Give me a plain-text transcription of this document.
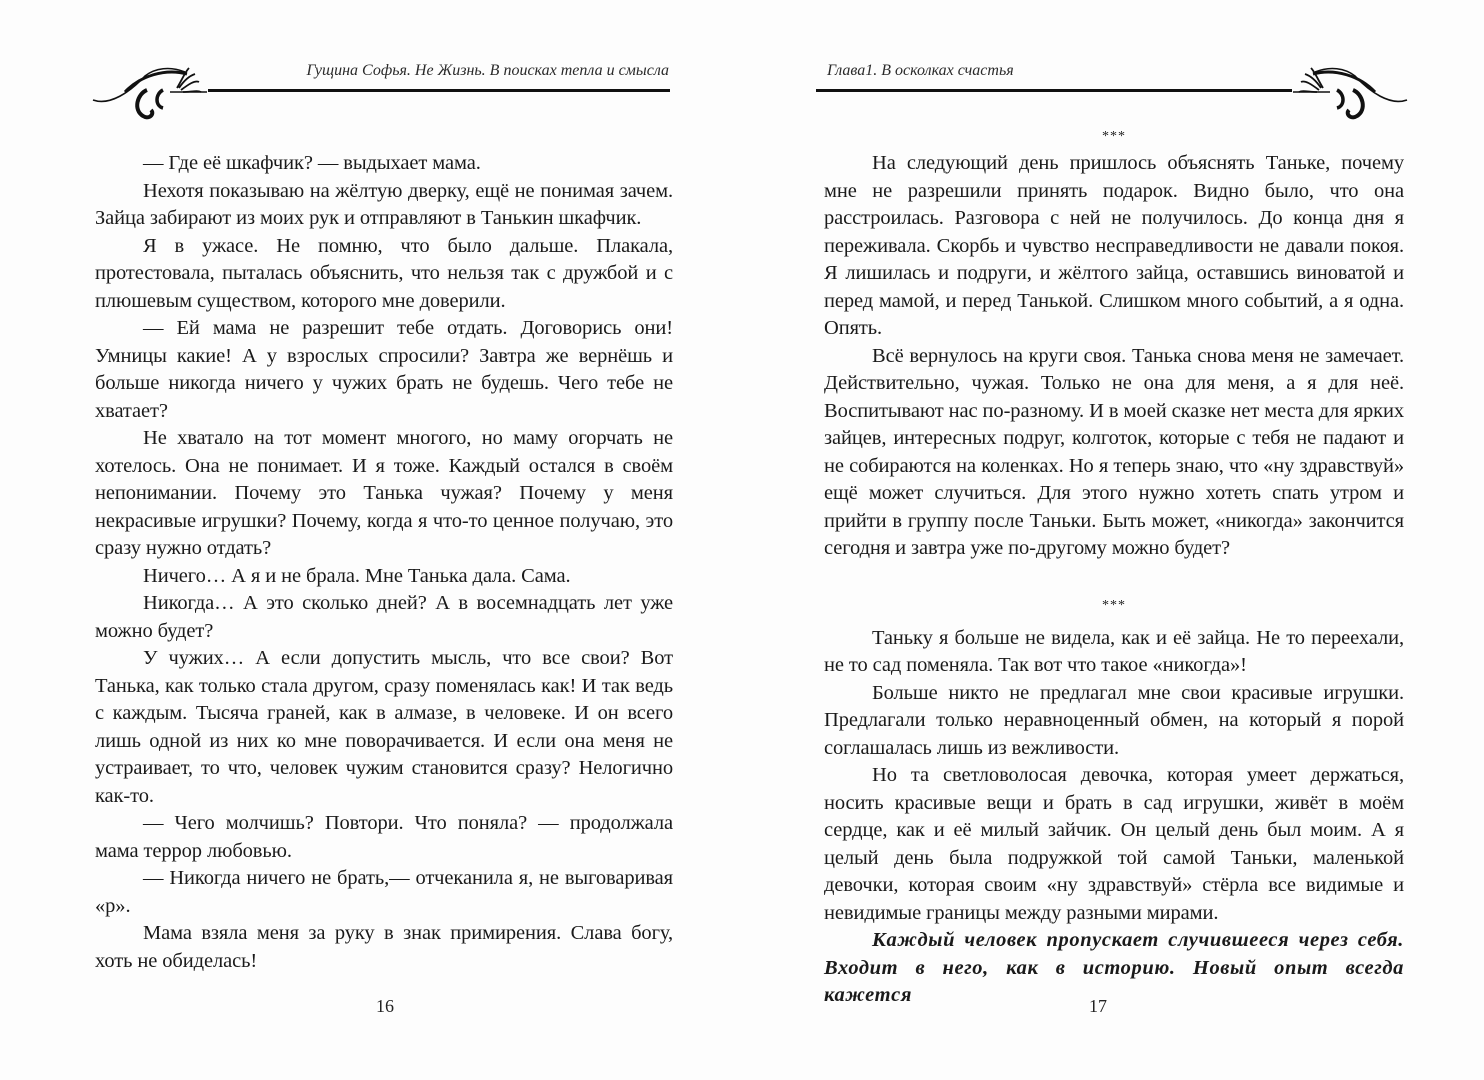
Гущина Софья. Не Жизнь. В поисках тепла и смысла

— Где её шкафчик? — выдыхает мама.

Нехотя показываю на жёлтую дверку, ещё не понимая зачем. Зайца забирают из моих рук и отправляют в Танькин шкафчик.

Я в ужасе. Не помню, что было дальше. Плакала, протестовала, пыталась объяснить, что нельзя так с дружбой и с плюшевым существом, которого мне доверили.

— Ей мама не разрешит тебе отдать. Договорись они! Умницы какие! А у взрослых спросили? Завтра же вернёшь и больше никогда ничего у чужих брать не будешь. Чего тебе не хватает?

Не хватало на тот момент многого, но маму огорчать не хотелось. Она не понимает. И я тоже. Каждый остался в своём непонимании. Почему это Танька чужая? Почему у меня некрасивые игрушки? Почему, когда я что-то ценное получаю, это сразу нужно отдать?

Ничего… А я и не брала. Мне Танька дала. Сама.

Никогда… А это сколько дней? А в восемнадцать лет уже можно будет?

У чужих… А если допустить мысль, что все свои? Вот Танька, как только стала другом, сразу поменялась как! И так ведь с каждым. Тысяча граней, как в алмазе, в человеке. И он всего лишь одной из них ко мне поворачивается. И если она меня не устраивает, то что, человек чужим становится сразу? Нелогично как-то.

— Чего молчишь? Повтори. Что поняла? — продолжала мама террор любовью.

— Никогда ничего не брать,— отчеканила я, не выговаривая «р».

Мама взяла меня за руку в знак примирения. Слава богу, хоть не обиделась!

16
Глава1. В осколках счастья
***

На следующий день пришлось объяснять Таньке, почему мне не разрешили принять подарок. Видно было, что она расстроилась. Разговора с ней не получилось. До конца дня я переживала. Скорбь и чувство несправедливости не давали покоя. Я лишилась и подруги, и жёлтого зайца, оставшись виноватой и перед мамой, и перед Танькой. Слишком много событий, а я одна. Опять.

Всё вернулось на круги своя. Танька снова меня не замечает. Действительно, чужая. Только не она для меня, а я для неё. Воспитывают нас по-разному. И в моей сказке нет места для ярких зайцев, интересных подруг, колготок, которые с тебя не падают и не собираются на коленках. Но я теперь знаю, что «ну здравствуй» ещё может случиться. Для этого нужно хотеть спать утром и прийти в группу после Таньки. Быть может, «никогда» закончится сегодня и завтра уже по-другому можно будет?

***

Таньку я больше не видела, как и её зайца. Не то переехали, не то сад поменяла. Так вот что такое «никогда»!

Больше никто не предлагал мне свои красивые игрушки. Предлагали только неравноценный обмен, на который я порой соглашалась лишь из вежливости.

Но та светловолосая девочка, которая умеет держаться, носить красивые вещи и брать в сад игрушки, живёт в моём сердце, как и её милый зайчик. Он целый день был моим. А я целый день была подружкой той самой Таньки, маленькой девочки, которая своим «ну здравствуй» стёрла все видимые и невидимые границы между разными мирами.

Каждый человек пропускает случившееся через себя. Входит в него, как в историю. Новый опыт всегда кажется	17
